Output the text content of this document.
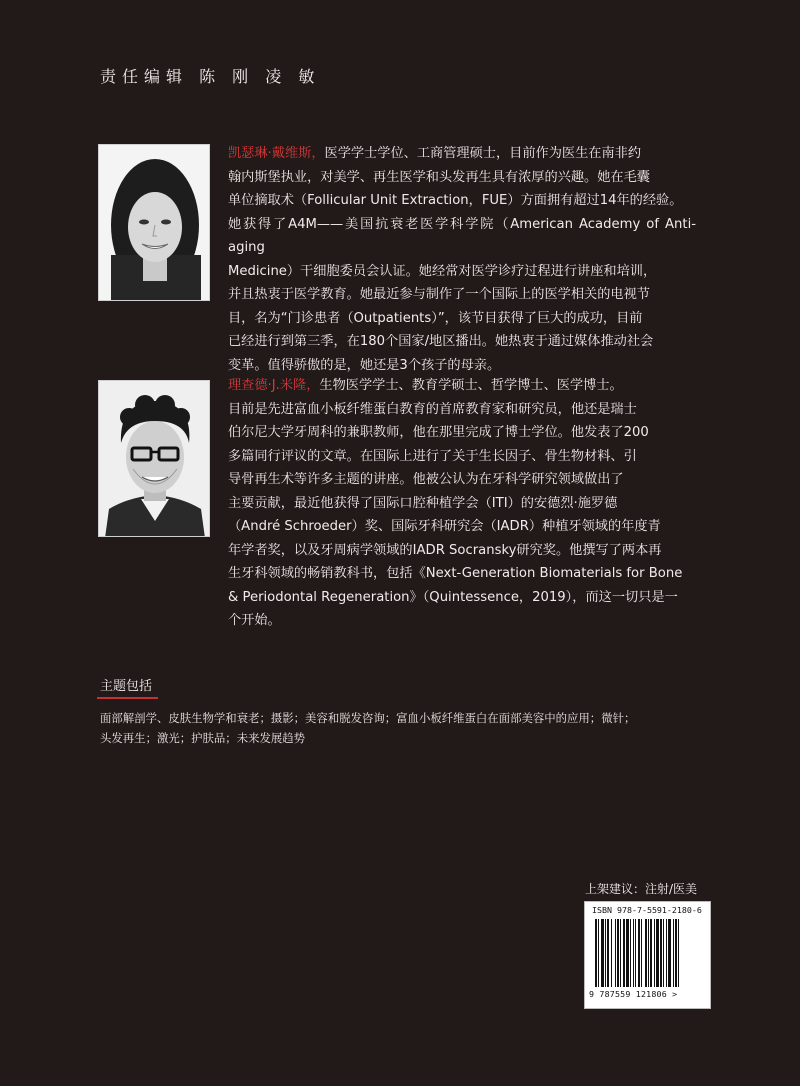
责任编辑 陈 刚 凌 敏
凯瑟琳·戴维斯，医学学士学位、工商管理硕士，目前作为医生在南非约
翰内斯堡执业，对美学、再生医学和头发再生具有浓厚的兴趣。她在毛囊
单位摘取术（Follicular Unit Extraction，FUE）方面拥有超过14年的经验。
她获得了A4M——美国抗衰老医学科学院（American Academy of Anti-aging
Medicine）干细胞委员会认证。她经常对医学诊疗过程进行讲座和培训，
并且热衷于医学教育。她最近参与制作了一个国际上的医学相关的电视节
目，名为“门诊患者（Outpatients）”，该节目获得了巨大的成功，目前
已经进行到第三季，在180个国家/地区播出。她热衷于通过媒体推动社会
变革。值得骄傲的是，她还是3个孩子的母亲。
理查德·J.米隆，生物医学学士、教育学硕士、哲学博士、医学博士。
目前是先进富血小板纤维蛋白教育的首席教育家和研究员，他还是瑞士
伯尔尼大学牙周科的兼职教师，他在那里完成了博士学位。他发表了200
多篇同行评议的文章。在国际上进行了关于生长因子、骨生物材料、引
导骨再生术等许多主题的讲座。他被公认为在牙科学研究领域做出了
主要贡献，最近他获得了国际口腔种植学会（ITI）的安德烈·施罗德
（André Schroeder）奖、国际牙科研究会（IADR）种植牙领域的年度青
年学者奖，以及牙周病学领域的IADR Socransky研究奖。他撰写了两本再
生牙科领域的畅销教科书，包括《Next-Generation Biomaterials for Bone
& Periodontal Regeneration》（Quintessence，2019），而这一切只是一
个开始。
主题包括
面部解剖学、皮肤生物学和衰老；摄影；美容和脱发咨询；富血小板纤维蛋白在面部美容中的应用；微针；
头发再生；激光；护肤品；未来发展趋势
上架建议：注射/医美
ISBN 978-7-5591-2180-6
9 787559 121806 >
